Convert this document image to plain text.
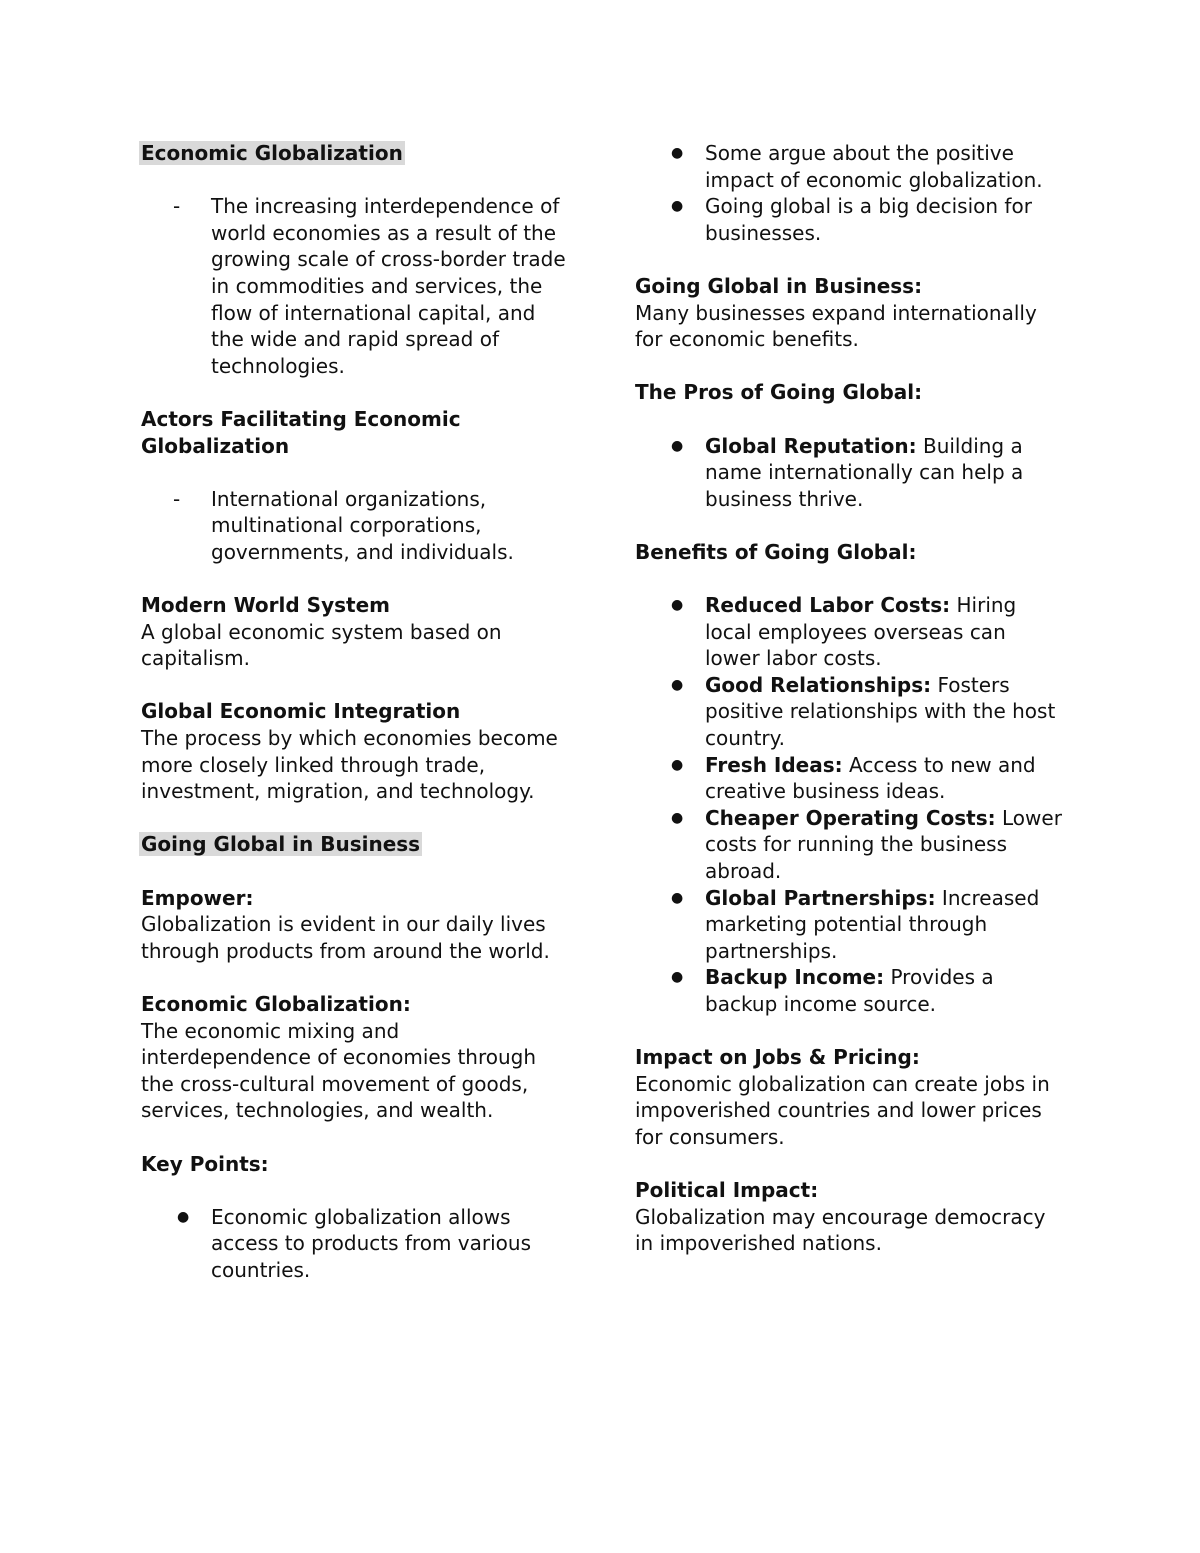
Economic Globalization
- The increasing interdependence of world economies as a result of the growing scale of cross-border trade in commodities and services, the flow of international capital, and the wide and rapid spread of technologies.
Actors Facilitating Economic Globalization
- International organizations, multinational corporations, governments, and individuals.
Modern World System
A global economic system based on capitalism.
Global Economic Integration
The process by which economies become more closely linked through trade, investment, migration, and technology.
Going Global in Business
Empower:
Globalization is evident in our daily lives through products from around the world.
Economic Globalization:
The economic mixing and interdependence of economies through the cross-cultural movement of goods, services, technologies, and wealth.
Key Points:
● Economic globalization allows access to products from various countries.
● Some argue about the positive impact of economic globalization.
● Going global is a big decision for businesses.
Going Global in Business:
Many businesses expand internationally for economic benefits.
The Pros of Going Global:
● Global Reputation: Building a name internationally can help a business thrive.
Benefits of Going Global:
● Reduced Labor Costs: Hiring local employees overseas can lower labor costs.
● Good Relationships: Fosters positive relationships with the host country.
● Fresh Ideas: Access to new and creative business ideas.
● Cheaper Operating Costs: Lower costs for running the business abroad.
● Global Partnerships: Increased marketing potential through partnerships.
● Backup Income: Provides a backup income source.
Impact on Jobs & Pricing:
Economic globalization can create jobs in impoverished countries and lower prices for consumers.
Political Impact:
Globalization may encourage democracy in impoverished nations.
